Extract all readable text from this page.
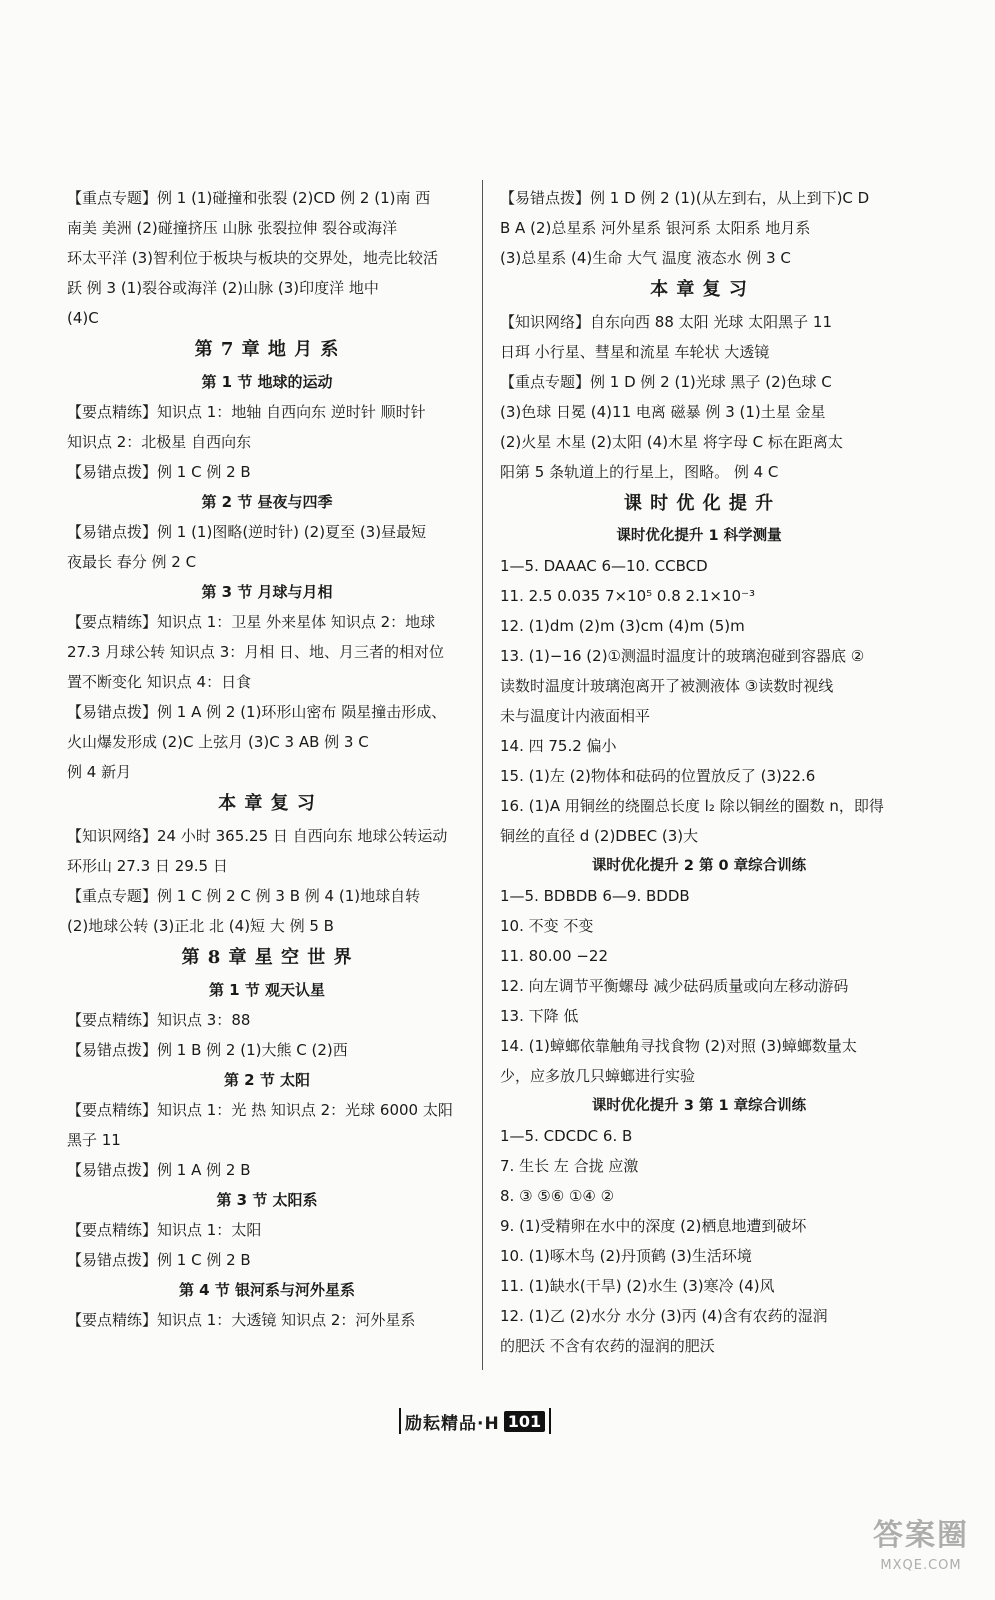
【重点专题】例 1 (1)碰撞和张裂 (2)CD 例 2 (1)南 西
南美 美洲 (2)碰撞挤压 山脉 张裂拉伸 裂谷或海洋
环太平洋 (3)智利位于板块与板块的交界处，地壳比较活
跃 例 3 (1)裂谷或海洋 (2)山脉 (3)印度洋 地中
(4)C
第 7 章 地 月 系
第 1 节 地球的运动
【要点精练】知识点 1：地轴 自西向东 逆时针 顺时针
知识点 2：北极星 自西向东
【易错点拨】例 1 C 例 2 B
第 2 节 昼夜与四季
【易错点拨】例 1 (1)图略(逆时针) (2)夏至 (3)昼最短
夜最长 春分 例 2 C
第 3 节 月球与月相
【要点精练】知识点 1：卫星 外来星体 知识点 2：地球
27.3 月球公转 知识点 3：月相 日、地、月三者的相对位
置不断变化 知识点 4：日食
【易错点拨】例 1 A 例 2 (1)环形山密布 陨星撞击形成、
火山爆发形成 (2)C 上弦月 (3)C 3 AB 例 3 C
例 4 新月
本 章 复 习
【知识网络】24 小时 365.25 日 自西向东 地球公转运动
环形山 27.3 日 29.5 日
【重点专题】例 1 C 例 2 C 例 3 B 例 4 (1)地球自转
(2)地球公转 (3)正北 北 (4)短 大 例 5 B
第 8 章 星 空 世 界
第 1 节 观天认星
【要点精练】知识点 3：88
【易错点拨】例 1 B 例 2 (1)大熊 C (2)西
第 2 节 太阳
【要点精练】知识点 1：光 热 知识点 2：光球 6000 太阳
黑子 11
【易错点拨】例 1 A 例 2 B
第 3 节 太阳系
【要点精练】知识点 1：太阳
【易错点拨】例 1 C 例 2 B
第 4 节 银河系与河外星系
【要点精练】知识点 1：大透镜 知识点 2：河外星系
【易错点拨】例 1 D 例 2 (1)(从左到右，从上到下)C D
B A (2)总星系 河外星系 银河系 太阳系 地月系
(3)总星系 (4)生命 大气 温度 液态水 例 3 C
本 章 复 习
【知识网络】自东向西 88 太阳 光球 太阳黑子 11
日珥 小行星、彗星和流星 车轮状 大透镜
【重点专题】例 1 D 例 2 (1)光球 黑子 (2)色球 C
(3)色球 日冕 (4)11 电离 磁暴 例 3 (1)土星 金星
(2)火星 木星 (2)太阳 (4)木星 将字母 C 标在距离太
阳第 5 条轨道上的行星上，图略。 例 4 C
课 时 优 化 提 升
课时优化提升 1 科学测量
1—5. DAAAC 6—10. CCBCD
11. 2.5 0.035 7×10⁵ 0.8 2.1×10⁻³
12. (1)dm (2)m (3)cm (4)m (5)m
13. (1)−16 (2)①测温时温度计的玻璃泡碰到容器底 ②
读数时温度计玻璃泡离开了被测液体 ③读数时视线
未与温度计内液面相平
14. 四 75.2 偏小
15. (1)左 (2)物体和砝码的位置放反了 (3)22.6
16. (1)A 用铜丝的绕圈总长度 l₂ 除以铜丝的圈数 n，即得
铜丝的直径 d (2)DBEC (3)大
课时优化提升 2 第 0 章综合训练
1—5. BDBDB 6—9. BDDB
10. 不变 不变
11. 80.00 −22
12. 向左调节平衡螺母 减少砝码质量或向左移动游码
13. 下降 低
14. (1)蟑螂依靠触角寻找食物 (2)对照 (3)蟑螂数量太
少，应多放几只蟑螂进行实验
课时优化提升 3 第 1 章综合训练
1—5. CDCDC 6. B
7. 生长 左 合拢 应激
8. ③ ⑤⑥ ①④ ②
9. (1)受精卵在水中的深度 (2)栖息地遭到破坏
10. (1)啄木鸟 (2)丹顶鹤 (3)生活环境
11. (1)缺水(干旱) (2)水生 (3)寒冷 (4)风
12. (1)乙 (2)水分 水分 (3)丙 (4)含有农药的湿润
的肥沃 不含有农药的湿润的肥沃
励耘精品·H 101
答案圈
MXQE.COM
